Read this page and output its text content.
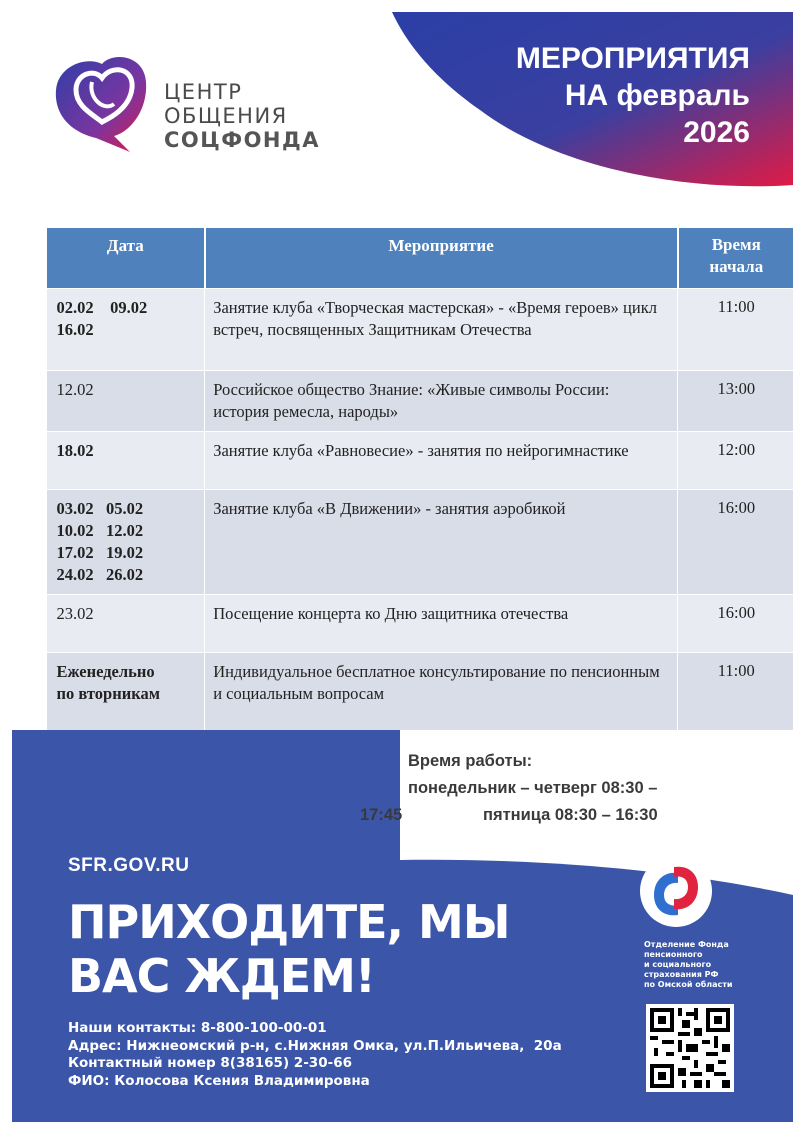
МЕРОПРИЯТИЯ
НА февраль
2026
ЦЕНТР
ОБЩЕНИЯ
СОЦФОНДА
Дата	Мероприятие	Время
начала

02.02    09.02
16.02	Занятие клуба «Творческая мастерская» - «Время героев» цикл встреч, посвященных Защитникам Отечества	11:00

12.02	Российское общество Знание: «Живые символы России: история ремесла, народы»	13:00

18.02	Занятие клуба «Равновесие» - занятия по нейрогимнастике	12:00

03.02   05.02
10.02   12.02
17.02   19.02
24.02   26.02	Занятие клуба «В Движении» - занятия аэробикой	16:00

23.02	Посещение концерта ко Дню защитника отечества	16:00

Еженедельно
по вторникам	Индивидуальное бесплатное консультирование по пенсионным и социальным вопросам	11:00
Время работы:
понедельник – четверг 08:30 –
17:45	пятница 08:30 – 16:30
SFR.GOV.RU
ПРИХОДИТЕ, МЫ
ВАС ЖДЕМ!
Наши контакты: 8-800-100-00-01
Адрес: Нижнеомский р-н, с.Нижняя Омка, ул.П.Ильичева,  20а
Контактный номер 8(38165) 2-30-66
ФИО: Колосова Ксения Владимировна
Отделение Фонда
пенсионного
и социального
страхования РФ
по Омской области
